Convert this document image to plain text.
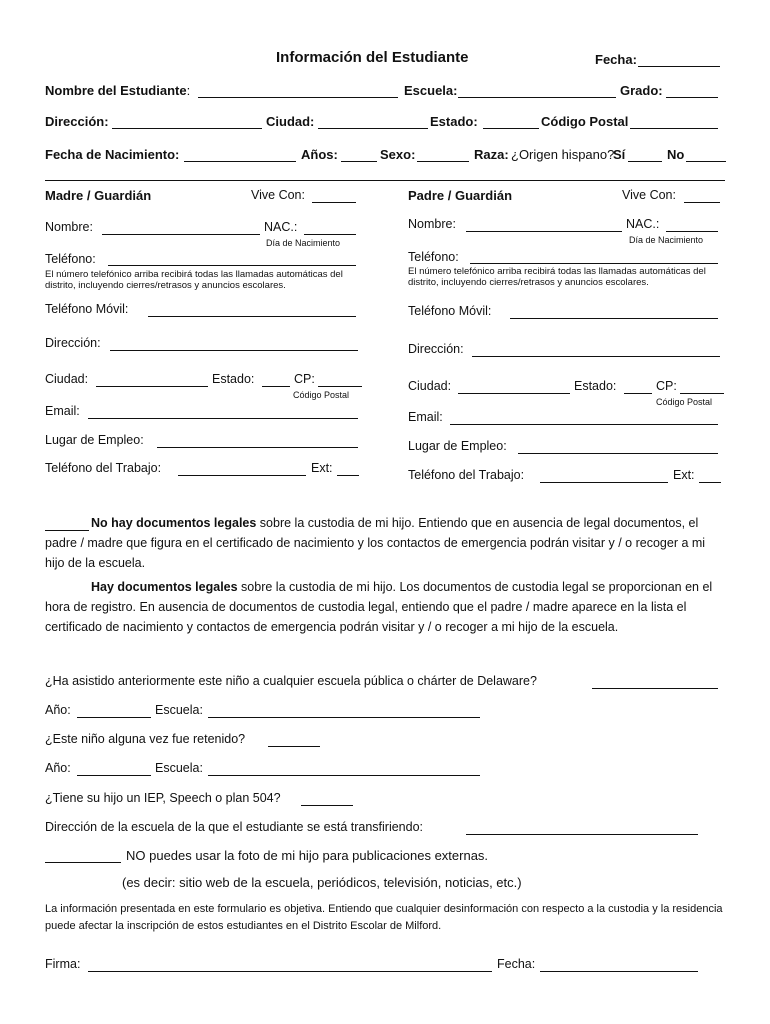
Información del Estudiante	Fecha:
Nombre del Estudiante:	Escuela:	Grado:
Dirección:	Ciudad:	Estado:	Código Postal
Fecha de Nacimiento:	Años:	Sexo:	Raza: ¿Origen hispano?
Sí	No
Madre / Guardián	Vive Con:
Nombre:	NAC.:
Día de Nacimiento
Teléfono:
El número telefónico arriba recibirá todas las llamadas automáticas del distrito, incluyendo cierres/retrasos y anuncios escolares.
Teléfono Móvil:
Dirección:
Ciudad:	Estado:	CP:
Código Postal
Email:
Lugar de Empleo:
Teléfono del Trabajo:	Ext:
Padre / Guardián	Vive Con:
Nombre:	NAC.:
Día de Nacimiento
Teléfono:
El número telefónico arriba recibirá todas las llamadas automáticas del distrito, incluyendo cierres/retrasos y anuncios escolares.
Teléfono Móvil:
Dirección:
Ciudad:	Estado:	CP:
Código Postal
Email:
Lugar de Empleo:
Teléfono del Trabajo:	Ext:
No hay documentos legales sobre la custodia de mi hijo. Entiendo que en ausencia de legal documentos, el padre / madre que figura en el certificado de nacimiento y los contactos de emergencia podrán visitar y / o recoger a mi hijo de la escuela.
Hay documentos legales sobre la custodia de mi hijo. Los documentos de custodia legal se proporcionan en el hora de registro. En ausencia de documentos de custodia legal, entiendo que el padre / madre aparece en la lista el certificado de nacimiento y contactos de emergencia podrán visitar y / o recoger a mi hijo de la escuela.
¿Ha asistido anteriormente este niño a cualquier escuela pública o chárter de Delaware?
Año:	Escuela:
¿Este niño alguna vez fue retenido?
Año:	Escuela:
¿Tiene su hijo un IEP, Speech o plan 504?
Dirección de la escuela de la que el estudiante se está transfiriendo:
NO puedes usar la foto de mi hijo para publicaciones externas.
(es decir: sitio web de la escuela, periódicos, televisión, noticias, etc.)
La información presentada en este formulario es objetiva. Entiendo que cualquier desinformación con respecto a la custodia y la residencia puede afectar la inscripción de estos estudiantes en el Distrito Escolar de Milford.
Firma:	Fecha:
